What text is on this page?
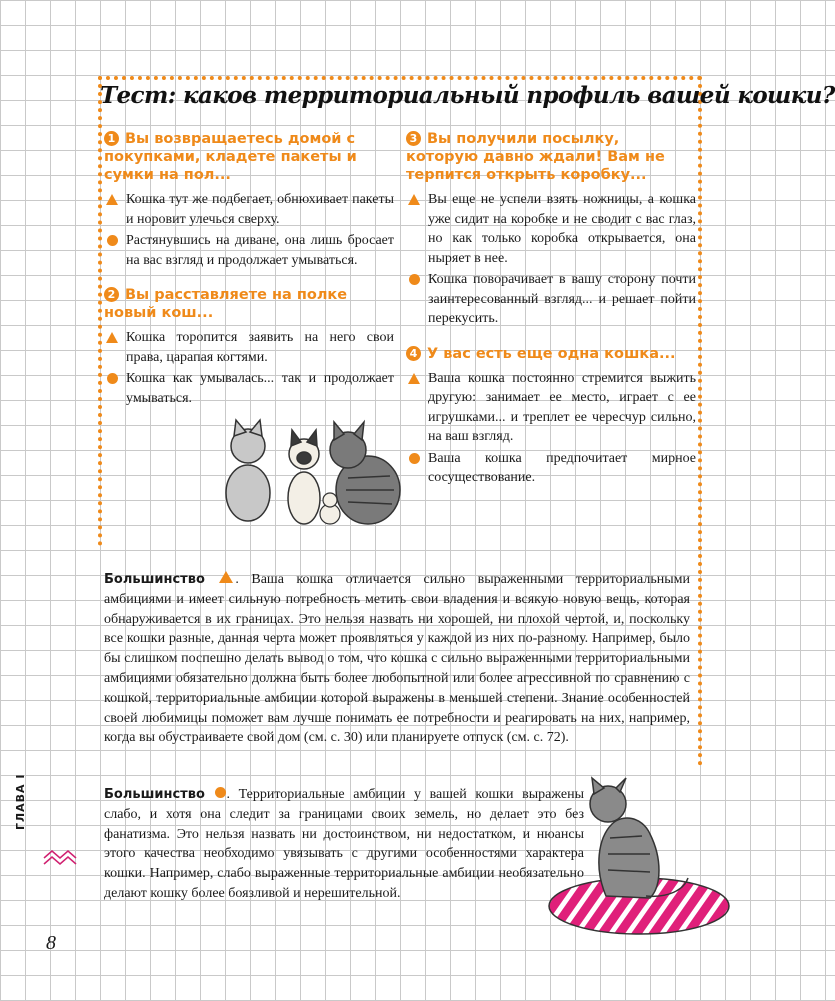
Тест: каков территориальный профиль вашей кошки?

1 Вы возвращаетесь домой с покупками, кладете пакеты и сумки на пол...

Кошка тут же подбегает, обнюхивает пакеты и норовит улечься сверху.
Растянувшись на диване, она лишь бросает на вас взгляд и продолжает умываться.

2 Вы расставляете на полке новый кош...

Кошка торопится заявить на него свои права, царапая когтями.
Кошка как умывалась... так и продолжает умываться.

3 Вы получили посылку, которую давно ждали! Вам не терпится открыть коробку...

Вы еще не успели взять ножницы, а кошка уже сидит на коробке и не сводит с вас глаз, но как только коробка открывается, она ныряет в нее.
Кошка поворачивает в вашу сторону почти заинтересованный взгляд... и решает пойти перекусить.

4 У вас есть еще одна кошка...

Ваша кошка постоянно стремится выжить другую: занимает ее место, играет с ее игрушками... и треплет ее чересчур сильно, на ваш взгляд.
Ваша кошка предпочитает мирное сосуществование.

Большинство . Ваша кошка отличается сильно выраженными территориальными амбициями и имеет сильную потребность метить свои владения и всякую новую вещь, которая обнаруживается в их границах. Это нельзя назвать ни хорошей, ни плохой чертой, и, поскольку все кошки разные, данная черта может проявляться у каждой из них по-разному. Например, было бы слишком поспешно делать вывод о том, что кошка с сильно выраженными территориальными амбициями обязательно должна быть более любопытной или более агрессивной по сравнению с кошкой, территориальные амбиции которой выражены в меньшей степени. Знание особенностей своей любимицы поможет вам лучше понимать ее потребности и реагировать на них, например, когда вы обустраиваете свой дом (см. с. 30) или планируете отпуск (см. с. 72).

Большинство . Территориальные амбиции у вашей кошки выражены слабо, и хотя она следит за границами своих земель, но делает это без фанатизма. Это нельзя назвать ни достоинством, ни недостатком, и нюансы этого качества необходимо увязывать с другими особенностями характера кошки. Например, слабо выраженные территориальные амбиции необязательно делают кошку более боязливой и нерешительной.

ГЛАВА I
8
